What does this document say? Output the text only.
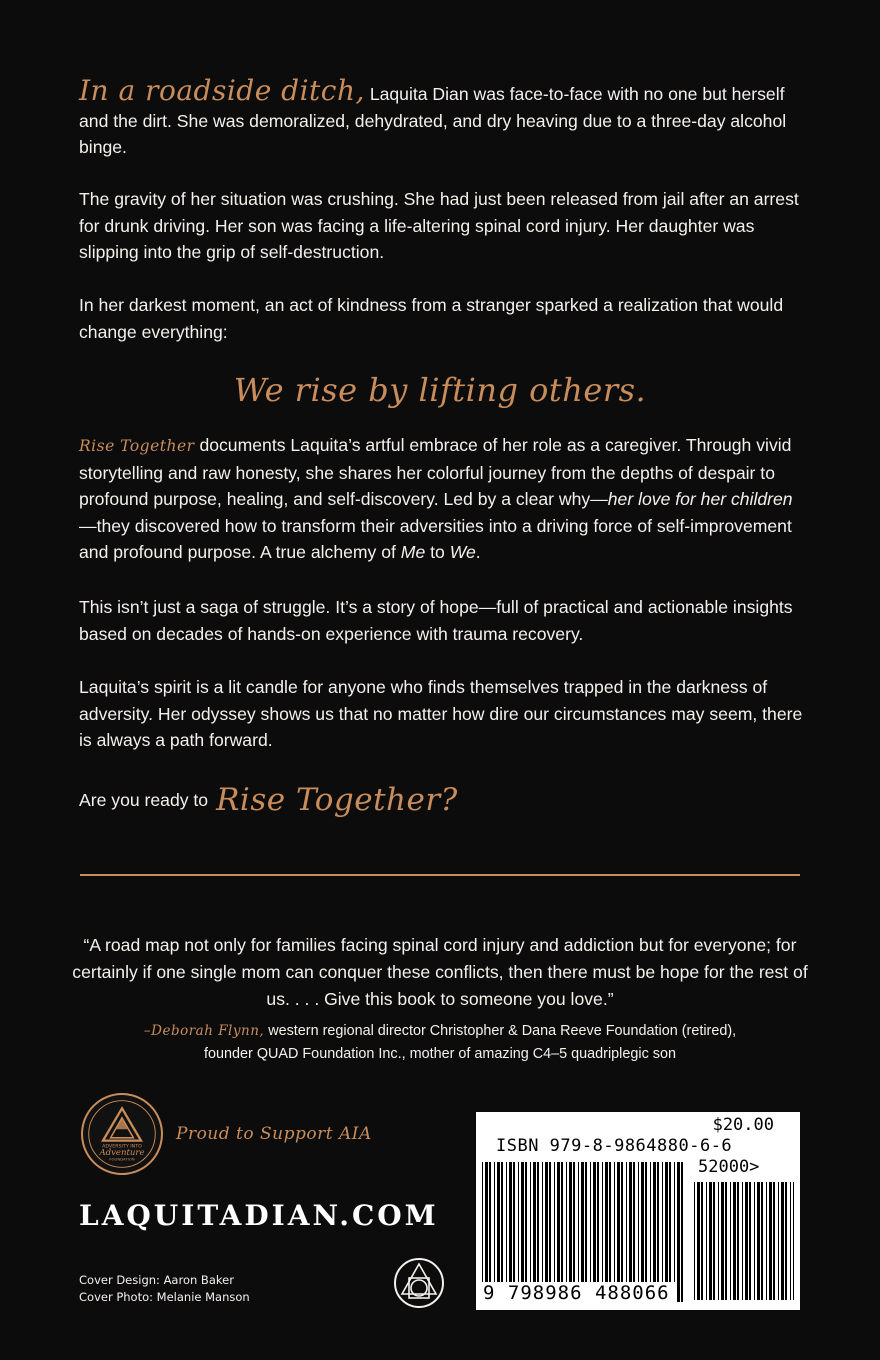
In a roadside ditch, Laquita Dian was face-to-face with no one but herself and the dirt. She was demoralized, dehydrated, and dry heaving due to a three-day alcohol binge.

The gravity of her situation was crushing. She had just been released from jail after an arrest for drunk driving. Her son was facing a life-altering spinal cord injury. Her daughter was slipping into the grip of self-destruction.

In her darkest moment, an act of kindness from a stranger sparked a realization that would change everything:

We rise by lifting others.

Rise Together documents Laquita’s artful embrace of her role as a caregiver. Through vivid storytelling and raw honesty, she shares her colorful journey from the depths of despair to profound purpose, healing, and self-discovery. Led by a clear why—her love for her children—they discovered how to transform their adversities into a driving force of self-improvement and profound purpose. A true alchemy of Me to We.

This isn’t just a saga of struggle. It’s a story of hope—full of practical and actionable insights based on decades of hands-on experience with trauma recovery.

Laquita’s spirit is a lit candle for anyone who finds themselves trapped in the darkness of adversity. Her odyssey shows us that no matter how dire our circumstances may seem, there is always a path forward.

Are you ready to Rise Together?
“A road map not only for families facing spinal cord injury and addiction but for everyone; for certainly if one single mom can conquer these conflicts, then there must be hope for the rest of us. . . . Give this book to someone you love.”
–Deborah Flynn, western regional director Christopher & Dana Reeve Foundation (retired),
founder QUAD Foundation Inc., mother of amazing C4–5 quadriplegic son
ADVERSITY INTO
Adventure
FOUNDATION
Proud to Support AIA
LAQUITADIAN.COM
Cover Design: Aaron Baker
Cover Photo: Melanie Manson
$20.00
ISBN 979-8-9864880-6-6
52000>
9 798986 488066
